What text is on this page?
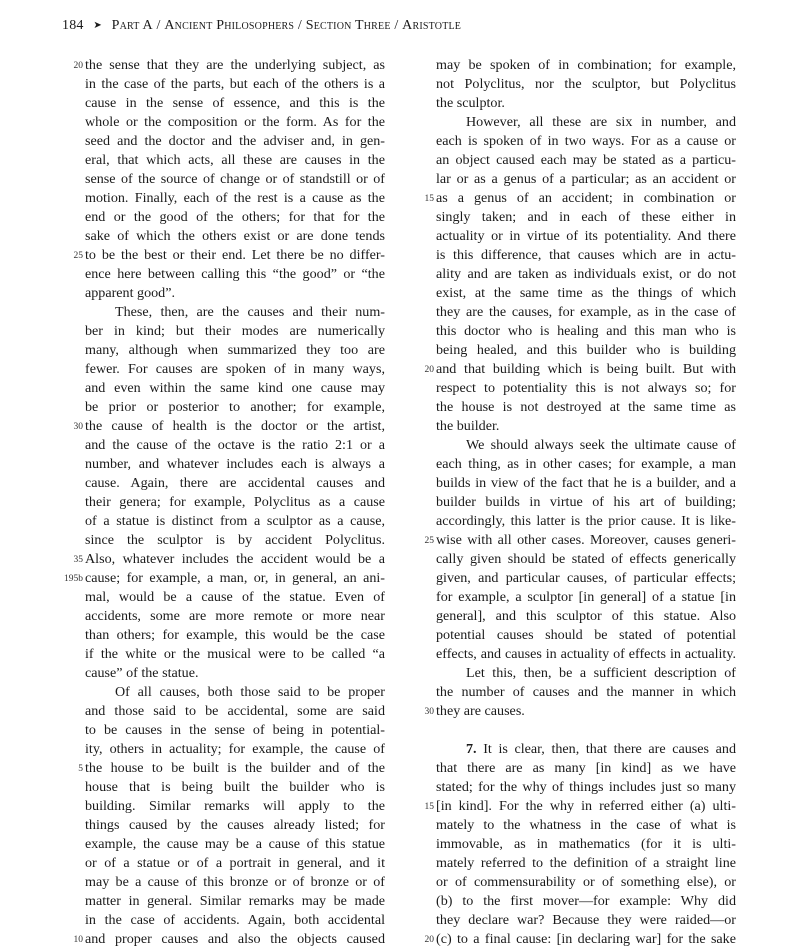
184 ➤ Part A / Ancient Philosophers / Section Three / Aristotle
20 the sense that they are the underlying subject, as
in the case of the parts, but each of the others is a
cause in the sense of essence, and this is the
whole or the composition or the form. As for the
seed and the doctor and the adviser and, in gen-
eral, that which acts, all these are causes in the
sense of the source of change or of standstill or of
motion. Finally, each of the rest is a cause as the
end or the good of the others; for that for the
sake of which the others exist or are done tends
25 to be the best or their end. Let there be no differ-
ence here between calling this “the good” or “the
apparent good”.
These, then, are the causes and their num-
ber in kind; but their modes are numerically
many, although when summarized they too are
fewer. For causes are spoken of in many ways,
and even within the same kind one cause may
be prior or posterior to another; for example,
30 the cause of health is the doctor or the artist,
and the cause of the octave is the ratio 2:1 or a
number, and whatever includes each is always a
cause. Again, there are accidental causes and
their genera; for example, Polyclitus as a cause
of a statue is distinct from a sculptor as a cause,
since the sculptor is by accident Polyclitus.
35 Also, whatever includes the accident would be a
195b cause; for example, a man, or, in general, an ani-
mal, would be a cause of the statue. Even of
accidents, some are more remote or more near
than others; for example, this would be the case
if the white or the musical were to be called “a
cause” of the statue.
Of all causes, both those said to be proper
and those said to be accidental, some are said
to be causes in the sense of being in potential-
ity, others in actuality; for example, the cause of
5 the house to be built is the builder and of the
house that is being built the builder who is
building. Similar remarks will apply to the
things caused by the causes already listed; for
example, the cause may be a cause of this statue
or of a statue or of a portrait in general, and it
may be a cause of this bronze or of bronze or of
matter in general. Similar remarks may be made
in the case of accidents. Again, both accidental
10 and proper causes and also the objects caused
may be spoken of in combination; for example,
not Polyclitus, nor the sculptor, but Polyclitus
the sculptor.
However, all these are six in number, and
each is spoken of in two ways. For as a cause or
an object caused each may be stated as a particu-
lar or as a genus of a particular; as an accident or
15 as a genus of an accident; in combination or
singly taken; and in each of these either in
actuality or in virtue of its potentiality. And there
is this difference, that causes which are in actu-
ality and are taken as individuals exist, or do not
exist, at the same time as the things of which
they are the causes, for example, as in the case of
this doctor who is healing and this man who is
being healed, and this builder who is building
20 and that building which is being built. But with
respect to potentiality this is not always so; for
the house is not destroyed at the same time as
the builder.
We should always seek the ultimate cause of
each thing, as in other cases; for example, a man
builds in view of the fact that he is a builder, and a
builder builds in virtue of his art of building;
accordingly, this latter is the prior cause. It is like-
25 wise with all other cases. Moreover, causes generi-
cally given should be stated of effects generically
given, and particular causes, of particular effects;
for example, a sculptor [in general] of a statue [in
general], and this sculptor of this statue. Also
potential causes should be stated of potential
effects, and causes in actuality of effects in actuality.
Let this, then, be a sufficient description of
the number of causes and the manner in which
30 they are causes.
7. It is clear, then, that there are causes and
that there are as many [in kind] as we have
stated; for the why of things includes just so many
15 [in kind]. For the why in referred either (a) ulti-
mately to the whatness in the case of what is
immovable, as in mathematics (for it is ulti-
mately referred to the definition of a straight line
or of commensurability or of something else), or
(b) to the first mover—for example: Why did
they declare war? Because they were raided—or
20 (c) to a final cause: [in declaring war] for the sake
